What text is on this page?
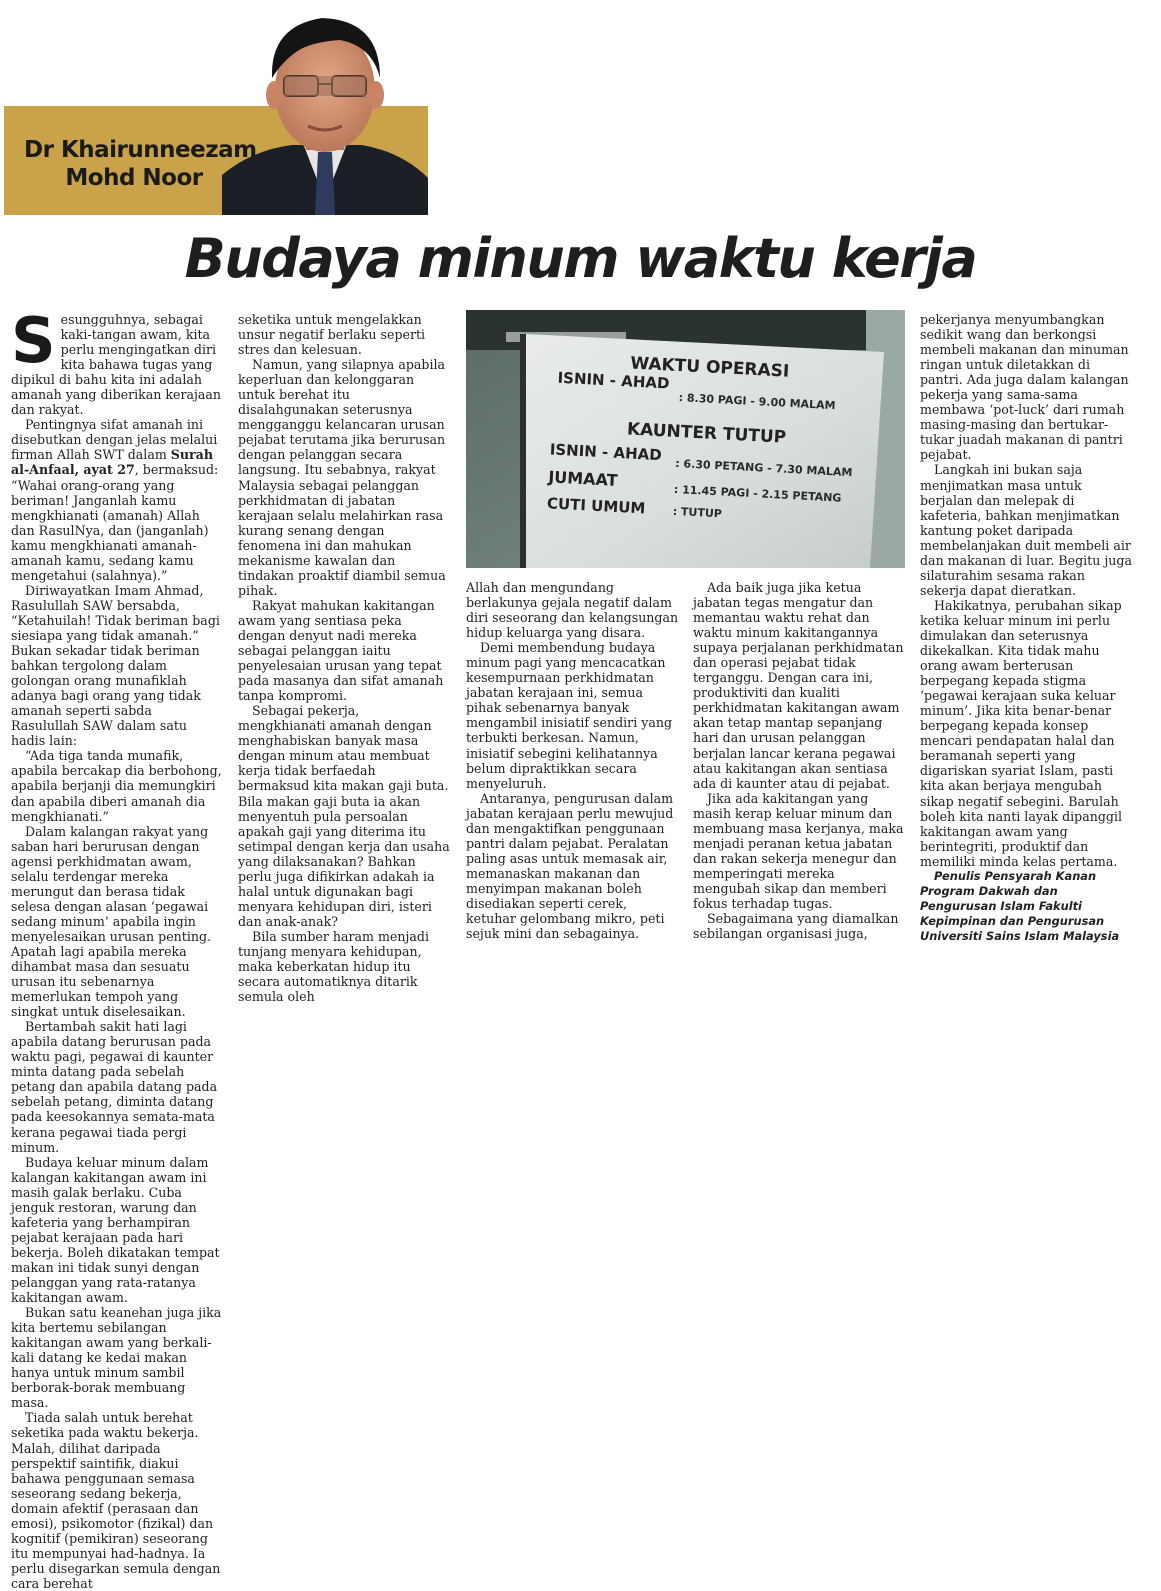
Dr Khairunneezam
Mohd Noor
Budaya minum waktu kerja

Sesungguhnya, sebagai kaki-tangan awam, kita perlu mengingatkan diri kita bahawa tugas yang dipikul di bahu kita ini adalah amanah yang diberikan kerajaan dan rakyat.

Pentingnya sifat amanah ini disebutkan dengan jelas melalui firman Allah SWT dalam Surah al-Anfaal, ayat 27, bermaksud: “Wahai orang-orang yang beriman! Janganlah kamu mengkhianati (amanah) Allah dan RasulNya, dan (janganlah) kamu mengkhianati amanah-amanah kamu, sedang kamu mengetahui (salahnya).”

Diriwayatkan Imam Ahmad, Rasulullah SAW bersabda, “Ketahuilah! Tidak beriman bagi siesiapa yang tidak amanah.” Bukan sekadar tidak beriman bahkan tergolong dalam golongan orang munafiklah adanya bagi orang yang tidak amanah seperti sabda Rasulullah SAW dalam satu hadis lain:

“Ada tiga tanda munafik, apabila bercakap dia berbohong, apabila berjanji dia memungkiri dan apabila diberi amanah dia mengkhianati.”

Dalam kalangan rakyat yang saban hari berurusan dengan agensi perkhidmatan awam, selalu terdengar mereka merungut dan berasa tidak selesa dengan alasan ‘pegawai sedang minum’ apabila ingin menyelesaikan urusan penting. Apatah lagi apabila mereka dihambat masa dan sesuatu urusan itu sebenarnya memerlukan tempoh yang singkat untuk diselesaikan.

Bertambah sakit hati lagi apabila datang berurusan pada waktu pagi, pegawai di kaunter minta datang pada sebelah petang dan apabila datang pada sebelah petang, diminta datang pada keesokannya semata-mata kerana pegawai tiada pergi minum.

Budaya keluar minum dalam kalangan kakitangan awam ini masih galak berlaku. Cuba jenguk restoran, warung dan kafeteria yang berhampiran pejabat kerajaan pada hari bekerja. Boleh dikatakan tempat makan ini tidak sunyi dengan pelanggan yang rata-ratanya kakitangan awam.

Bukan satu keanehan juga jika kita bertemu sebilangan kakitangan awam yang berkali-kali datang ke kedai makan hanya untuk minum sambil berborak-borak membuang masa.

Tiada salah untuk berehat seketika pada waktu bekerja. Malah, dilihat daripada perspektif saintifik, diakui bahawa penggunaan semasa seseorang sedang bekerja, domain afektif (perasaan dan emosi), psikomotor (fizikal) dan kognitif (pemikiran) seseorang itu mempunyai had-hadnya. Ia perlu disegarkan semula dengan cara berehat

seketika untuk mengelakkan unsur negatif berlaku seperti stres dan kelesuan.

Namun, yang silapnya apabila keperluan dan kelonggaran untuk berehat itu disalahgunakan seterusnya mengganggu kelancaran urusan pejabat terutama jika berurusan dengan pelanggan secara langsung. Itu sebabnya, rakyat Malaysia sebagai pelanggan perkhidmatan di jabatan kerajaan selalu melahirkan rasa kurang senang dengan fenomena ini dan mahukan mekanisme kawalan dan tindakan proaktif diambil semua pihak.

Rakyat mahukan kakitangan awam yang sentiasa peka dengan denyut nadi mereka sebagai pelanggan iaitu penyelesaian urusan yang tepat pada masanya dan sifat amanah tanpa kompromi.

Sebagai pekerja, mengkhianati amanah dengan menghabiskan banyak masa dengan minum atau membuat kerja tidak berfaedah bermaksud kita makan gaji buta. Bila makan gaji buta ia akan menyentuh pula persoalan apakah gaji yang diterima itu setimpal dengan kerja dan usaha yang dilaksanakan? Bahkan perlu juga difikirkan adakah ia halal untuk digunakan bagi menyara kehidupan diri, isteri dan anak-anak?

Bila sumber haram menjadi tunjang menyara kehidupan, maka keberkatan hidup itu secara automatiknya ditarik semula oleh

WAKTU OPERASI
ISNIN - AHAD
: 8.30 PAGI - 9.00 MALAM
KAUNTER TUTUP
ISNIN - AHAD
: 6.30 PETANG - 7.30 MALAM
JUMAAT
: 11.45 PAGI - 2.15 PETANG
CUTI UMUM : TUTUP

Allah dan mengundang berlakunya gejala negatif dalam diri seseorang dan kelangsungan hidup keluarga yang disara.

Demi membendung budaya minum pagi yang mencacatkan kesempurnaan perkhidmatan jabatan kerajaan ini, semua pihak sebenarnya banyak mengambil inisiatif sendiri yang terbukti berkesan. Namun, inisiatif sebegini kelihatannya belum dipraktikkan secara menyeluruh.

Antaranya, pengurusan dalam jabatan kerajaan perlu mewujud dan mengaktifkan penggunaan pantri dalam pejabat. Peralatan paling asas untuk memasak air, memanaskan makanan dan menyimpan makanan boleh disediakan seperti cerek, ketuhar gelombang mikro, peti sejuk mini dan sebagainya.

Ada baik juga jika ketua jabatan tegas mengatur dan memantau waktu rehat dan waktu minum kakitangannya supaya perjalanan perkhidmatan dan operasi pejabat tidak terganggu. Dengan cara ini, produktiviti dan kualiti perkhidmatan kakitangan awam akan tetap mantap sepanjang hari dan urusan pelanggan berjalan lancar kerana pegawai atau kakitangan akan sentiasa ada di kaunter atau di pejabat.

Jika ada kakitangan yang masih kerap keluar minum dan membuang masa kerjanya, maka menjadi peranan ketua jabatan dan rakan sekerja menegur dan memperingati mereka mengubah sikap dan memberi fokus terhadap tugas.

Sebagaimana yang diamalkan sebilangan organisasi juga,

pekerjanya menyumbangkan sedikit wang dan berkongsi membeli makanan dan minuman ringan untuk diletakkan di pantri. Ada juga dalam kalangan pekerja yang sama-sama membawa ‘pot-luck’ dari rumah masing-masing dan bertukar-tukar juadah makanan di pantri pejabat.

Langkah ini bukan saja menjimatkan masa untuk berjalan dan melepak di kafeteria, bahkan menjimatkan kantung poket daripada membelanjakan duit membeli air dan makanan di luar. Begitu juga silaturahim sesama rakan sekerja dapat dieratkan.

Hakikatnya, perubahan sikap ketika keluar minum ini perlu dimulakan dan seterusnya dikekalkan. Kita tidak mahu orang awam berterusan berpegang kepada stigma ‘pegawai kerajaan suka keluar minum’. Jika kita benar-benar berpegang kepada konsep mencari pendapatan halal dan beramanah seperti yang digariskan syariat Islam, pasti kita akan berjaya mengubah sikap negatif sebegini. Barulah boleh kita nanti layak dipanggil kakitangan awam yang berintegriti, produktif dan memiliki minda kelas pertama.

Penulis Pensyarah Kanan Program Dakwah dan Pengurusan Islam Fakulti Kepimpinan dan Pengurusan Universiti Sains Islam Malaysia
